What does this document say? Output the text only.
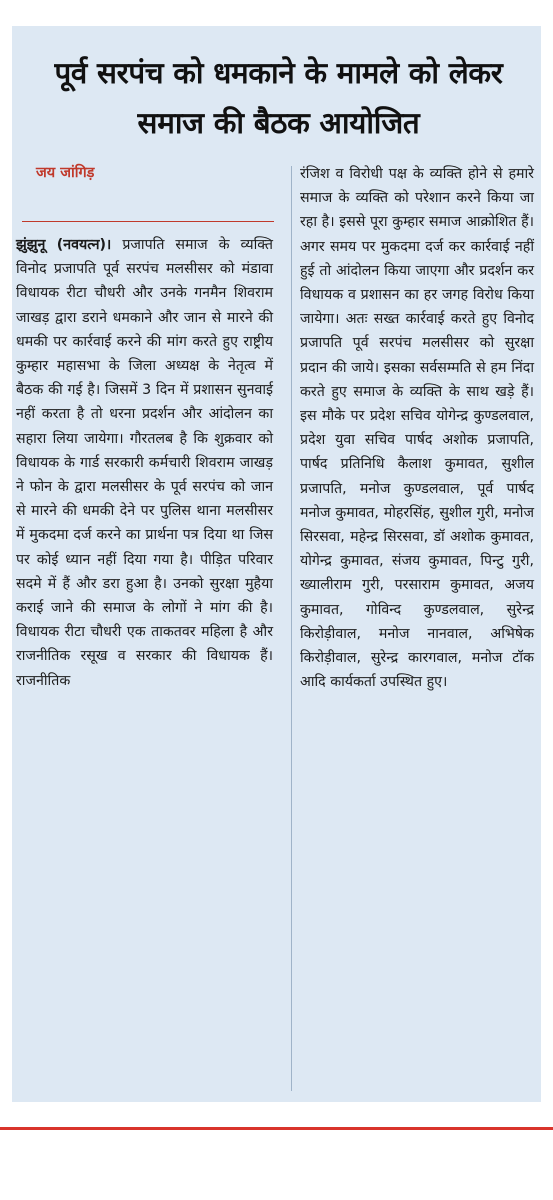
पूर्व सरपंच को धमकाने के मामले को लेकर समाज की बैठक आयोजित
जय जांगिड़
झुंझुनू (नवयत्न)। प्रजापति समाज के व्यक्ति विनोद प्रजापति पूर्व सरपंच मलसीसर को मंडावा विधायक रीटा चौधरी और उनके गनमैन शिवराम जाखड़ द्वारा डराने धमकाने और जान से मारने की धमकी पर कार्रवाई करने की मांग करते हुए राष्ट्रीय कुम्हार महासभा के जिला अध्यक्ष के नेतृत्व में बैठक की गई है। जिसमें 3 दिन में प्रशासन सुनवाई नहीं करता है तो धरना प्रदर्शन और आंदोलन का सहारा लिया जायेगा। गौरतलब है कि शुक्रवार को विधायक के गार्ड सरकारी कर्मचारी शिवराम जाखड़ ने फोन के द्वारा मलसीसर के पूर्व सरपंच को जान से मारने की धमकी देने पर पुलिस थाना मलसीसर में मुकदमा दर्ज करने का प्रार्थना पत्र दिया था जिस पर कोई ध्यान नहीं दिया गया है। पीड़ित परिवार सदमे में हैं और डरा हुआ है। उनको सुरक्षा मुहैया कराई जाने की समाज के लोगों ने मांग की है। विधायक रीटा चौधरी एक ताकतवर महिला है और राजनीतिक रसूख व सरकार की विधायक हैं। राजनीतिक
रंजिश व विरोधी पक्ष के व्यक्ति होने से हमारे समाज के व्यक्ति को परेशान करने किया जा रहा है। इससे पूरा कुम्हार समाज आक्रोशित हैं। अगर समय पर मुकदमा दर्ज कर कार्रवाई नहीं हुई तो आंदोलन किया जाएगा और प्रदर्शन कर विधायक व प्रशासन का हर जगह विरोध किया जायेगा। अतः सख्त कार्रवाई करते हुए विनोद प्रजापति पूर्व सरपंच मलसीसर को सुरक्षा प्रदान की जाये। इसका सर्वसम्मति से हम निंदा करते हुए समाज के व्यक्ति के साथ खड़े हैं। इस मौके पर प्रदेश सचिव योगेन्द्र कुण्डलवाल, प्रदेश युवा सचिव पार्षद अशोक प्रजापति, पार्षद प्रतिनिधि कैलाश कुमावत, सुशील प्रजापति, मनोज कुण्डलवाल, पूर्व पार्षद मनोज कुमावत, मोहरसिंह, सुशील गुरी, मनोज सिरसवा, महेन्द्र सिरसवा, डॉ अशोक कुमावत, योगेन्द्र कुमावत, संजय कुमावत, पिन्टु गुरी, ख्यालीराम गुरी, परसाराम कुमावत, अजय कुमावत, गोविन्द कुण्डलवाल, सुरेन्द्र किरोड़ीवाल, मनोज नानवाल, अभिषेक किरोड़ीवाल, सुरेन्द्र कारगवाल, मनोज टॉक आदि कार्यकर्ता उपस्थित हुए।
